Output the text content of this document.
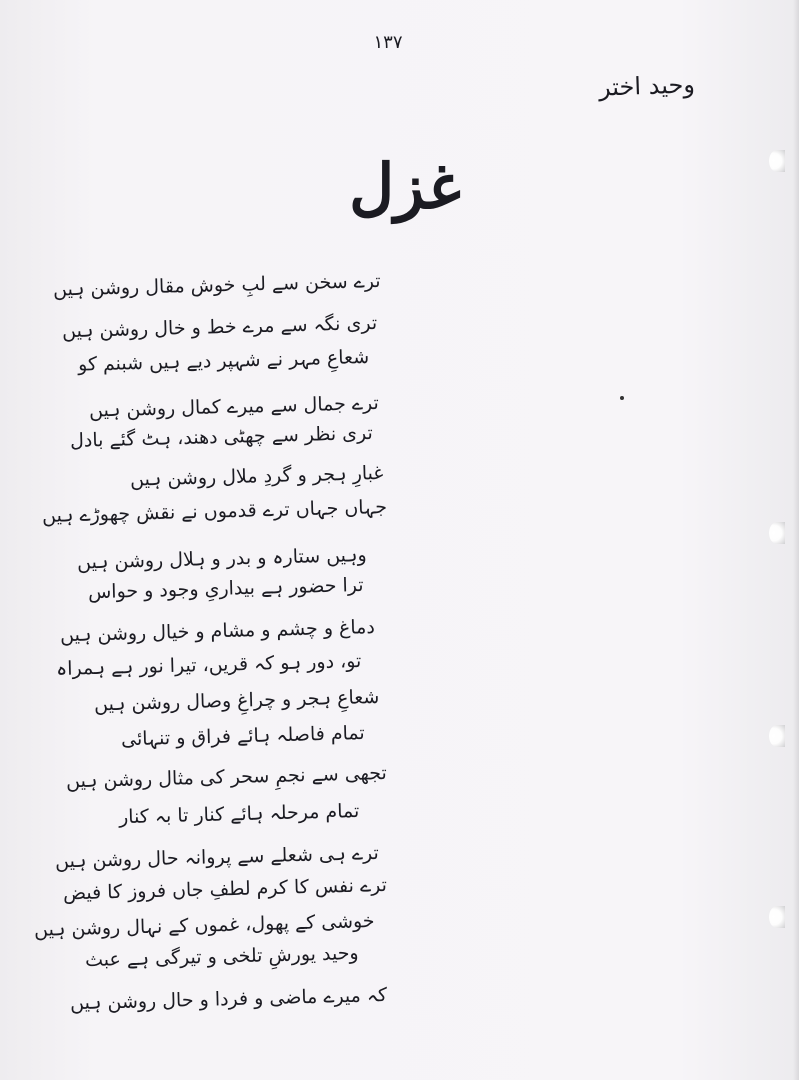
‏‏‏ ‏
۱۳۷
وحید اختر
غزل
ترے سخن سے لبِ خوش مقال روشن ہیں
تری نگہ سے مرے خط و خال روشن ہیں
شعاعِ مہر نے شہپر دیے ہیں شبنم کو
ترے جمال سے میرے کمال روشن ہیں
تری نظر سے چھٹی دھند، ہٹ گئے بادل
غبارِ ہجر و گردِ ملال روشن ہیں
جہاں جہاں ترے قدموں نے نقش چھوڑے ہیں
وہیں ستارہ و بدر و ہلال روشن ہیں
ترا حضور ہے بیداریِ وجود و حواس
دماغ و چشم و مشام و خیال روشن ہیں
تو، دور ہو کہ قریں، تیرا نور ہے ہمراہ
شعاعِ ہجر و چراغِ وصال روشن ہیں
تمام فاصلہ ہائے فراق و تنہائی
تجھی سے نجمِ سحر کی مثال روشن ہیں
تمام مرحلہ ہائے کنار تا بہ کنار
ترے ہی شعلے سے پروانہ حال روشن ہیں
ترے نفس کا کرم لطفِ جاں فروز کا فیض
خوشی کے پھول، غموں کے نہال روشن ہیں
وحید یورشِ تلخی و تیرگی ہے عبث
کہ میرے ماضی و فردا و حال روشن ہیں
